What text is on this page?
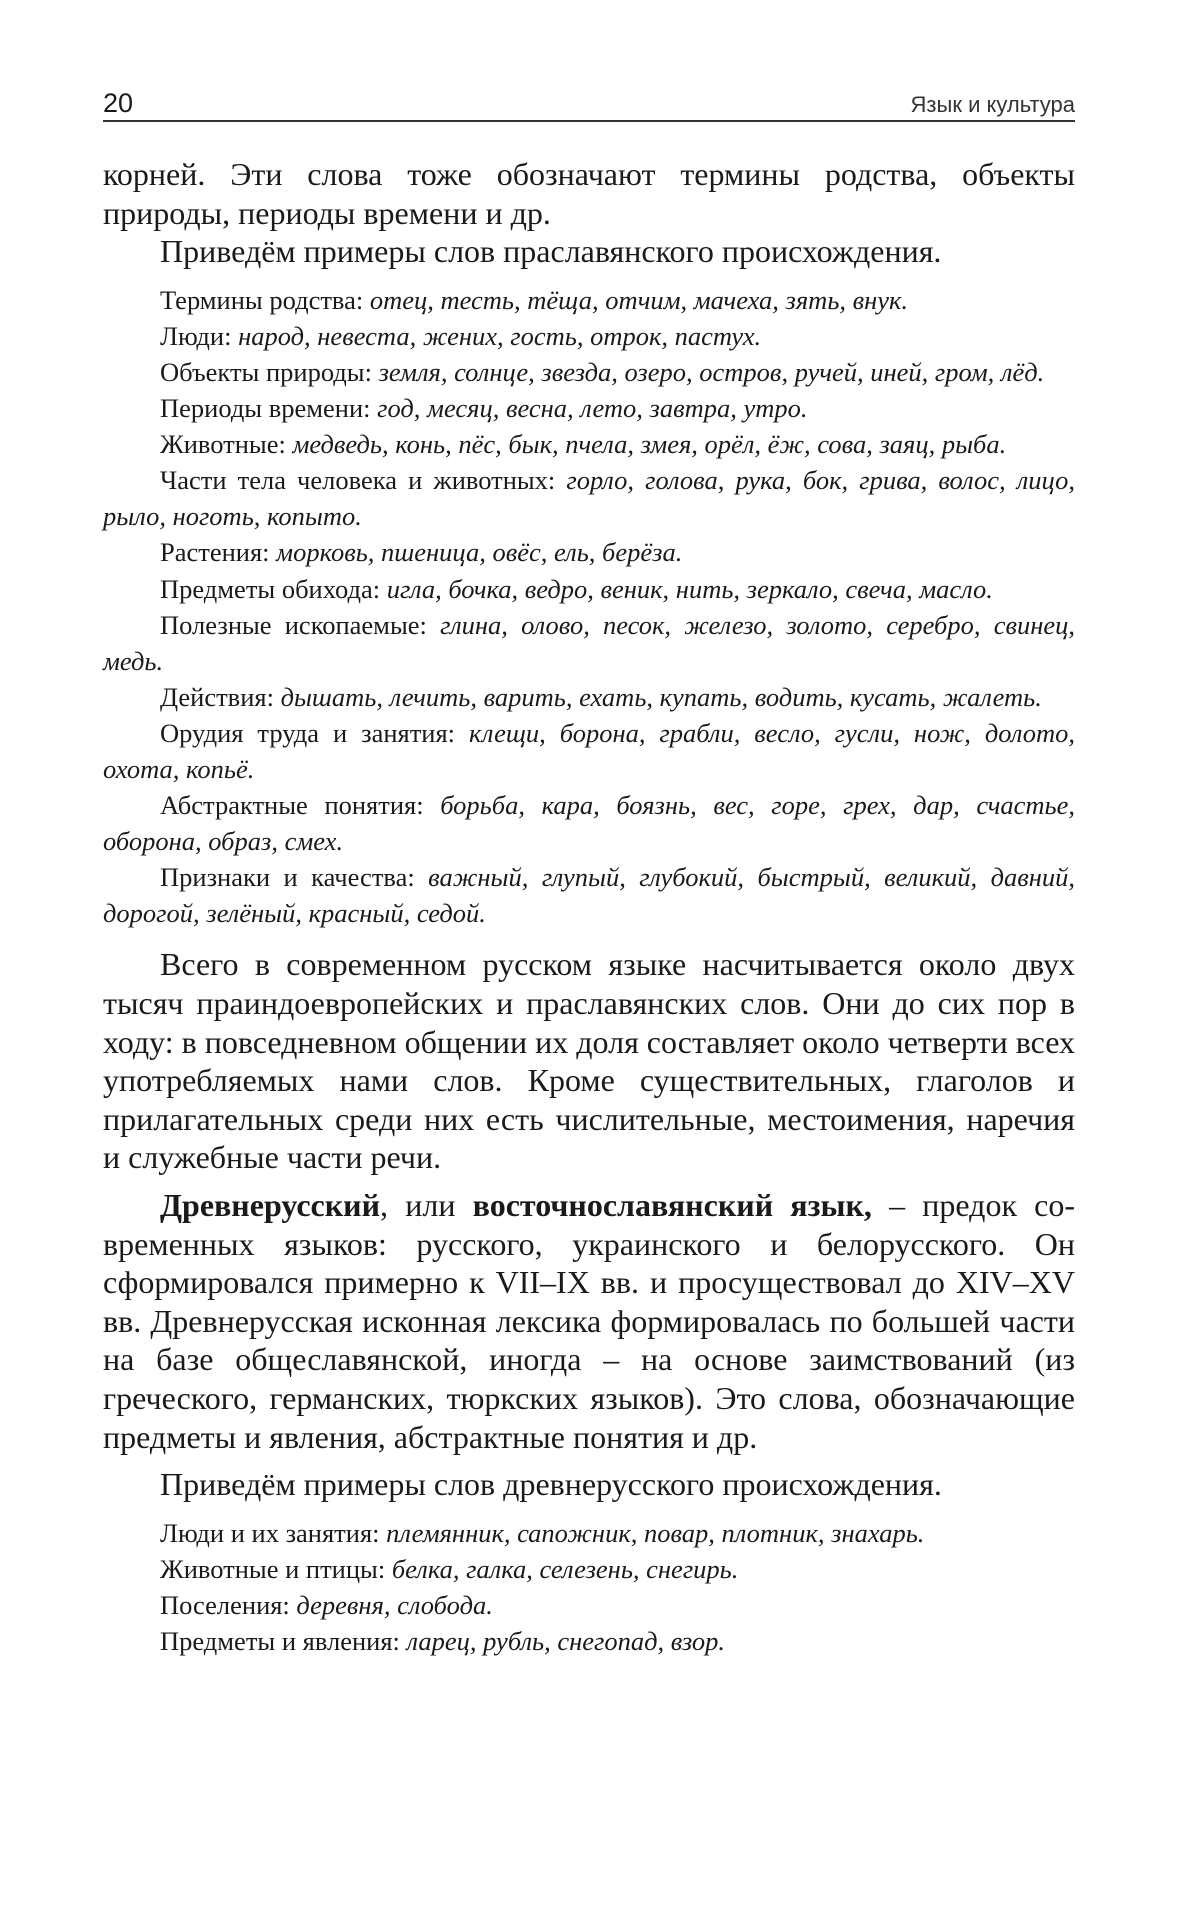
20	Язык и культура

корней. Эти слова тоже обозначают термины родства, объекты природы, периоды времени и др.

Приведём примеры слов праславянского происхождения.

Термины родства: отец, тесть, тёща, отчим, мачеха, зять, внук.

Люди: народ, невеста, жених, гость, отрок, пастух.

Объекты природы: земля, солнце, звезда, озеро, остров, ручей, иней, гром, лёд.

Периоды времени: год, месяц, весна, лето, завтра, утро.

Животные: медведь, конь, пёс, бык, пчела, змея, орёл, ёж, сова, заяц, рыба.

Части тела человека и животных: горло, голова, рука, бок, грива, волос, лицо, рыло, ноготь, копыто.

Растения: морковь, пшеница, овёс, ель, берёза.

Предметы обихода: игла, бочка, ведро, веник, нить, зеркало, свеча, масло.

Полезные ископаемые: глина, олово, песок, железо, золото, серебро, свинец, медь.

Действия: дышать, лечить, варить, ехать, купать, водить, кусать, жалеть.

Орудия труда и занятия: клещи, борона, грабли, весло, гусли, нож, долото, охота, копьё.

Абстрактные понятия: борьба, кара, боязнь, вес, горе, грех, дар, счастье, оборона, образ, смех.

Признаки и качества: важный, глупый, глубокий, быстрый, великий, давний, дорогой, зелёный, красный, седой.

Всего в современном русском языке насчитывается около двух тысяч праиндоевропейских и праславянских слов. Они до сих пор в ходу: в повседневном общении их доля составляет около четверти всех употребляемых нами слов. Кроме существительных, глаголов и прилагательных среди них есть числительные, местоимения, наречия и служебные части речи.

Древнерусский, или восточнославянский язык, – предок современных языков: русского, украинского и белорусского. Он сформировался примерно к VII–IX вв. и просуществовал до XIV–XV вв. Древнерусская исконная лексика формировалась по большей части на базе общеславянской, иногда – на основе заимствований (из греческого, германских, тюркских языков). Это слова, обозначающие предметы и явления, абстрактные понятия и др.

Приведём примеры слов древнерусского происхождения.

Люди и их занятия: племянник, сапожник, повар, плотник, знахарь.

Животные и птицы: белка, галка, селезень, снегирь.

Поселения: деревня, слобода.

Предметы и явления: ларец, рубль, снегопад, взор.
